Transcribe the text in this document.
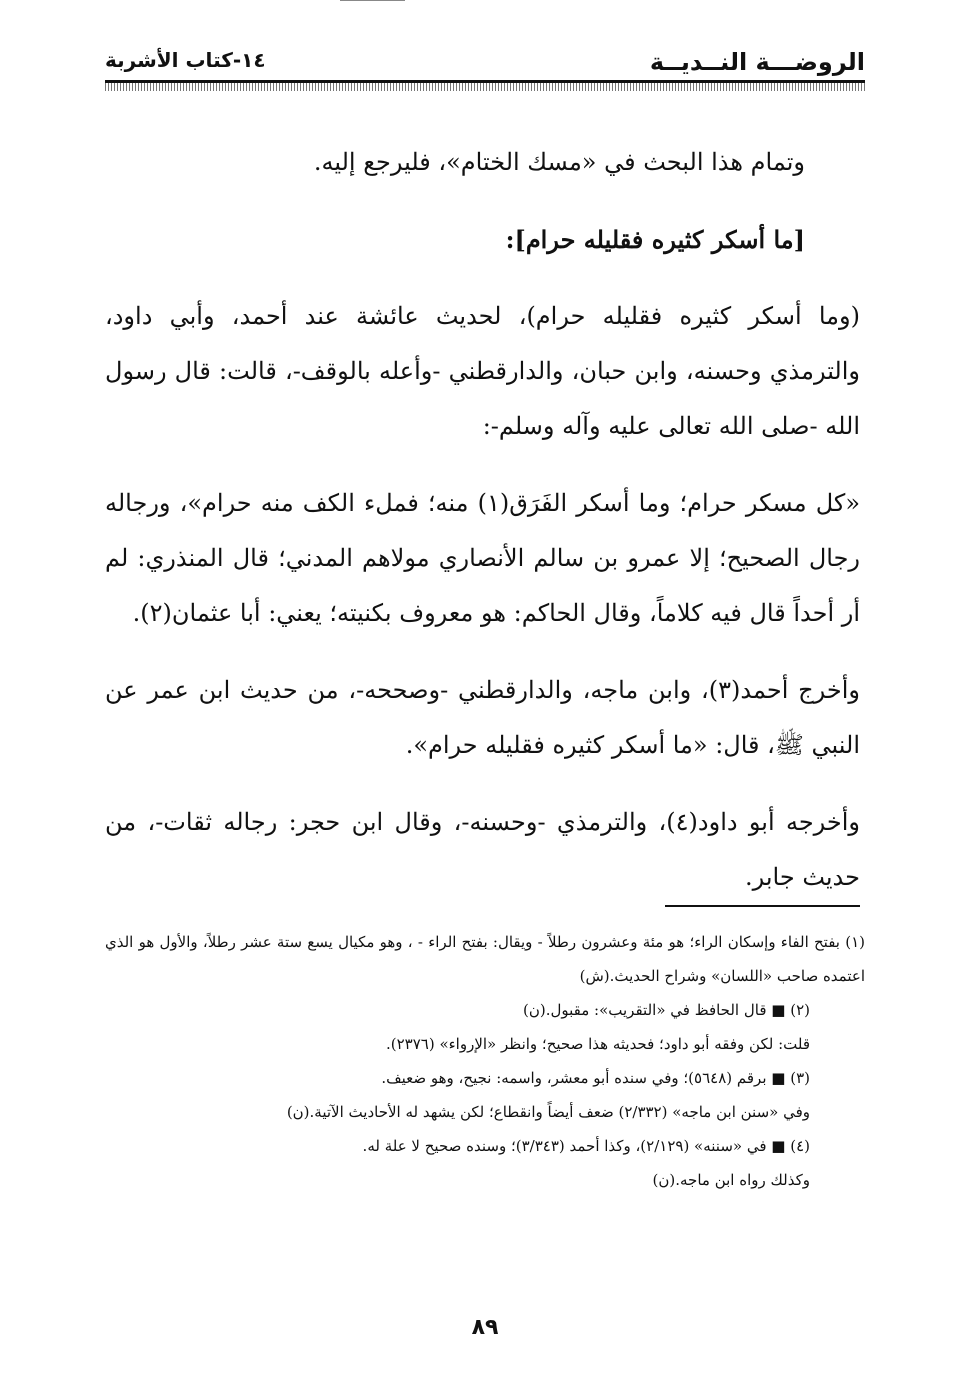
الروضـــة النــديــة
١٤-كتاب الأشربة

وتمام هذا البحث في «مسك الختام»، فليرجع إليه.

[ما أسكر كثيره فقليله حرام]:

(وما أسكر كثيره فقليله حرام)، لحديث عائشة عند أحمد، وأبي داود، والترمذي وحسنه، وابن حبان، والدارقطني -وأعله بالوقف-، قالت: قال رسول الله -صلى الله تعالى عليه وآله وسلم-:

«كل مسكر حرام؛ وما أسكر الفَرَق(١) منه؛ فملء الكف منه حرام»، ورجاله رجال الصحيح؛ إلا عمرو بن سالم الأنصاري مولاهم المدني؛ قال المنذري: لم أر أحداً قال فيه كلاماً، وقال الحاكم: هو معروف بكنيته؛ يعني: أبا عثمان(٢).

وأخرج أحمد(٣)، وابن ماجه، والدارقطني -وصححه-، من حديث ابن عمر عن النبي ﷺ، قال: «ما أسكر كثيره فقليله حرام».

وأخرجه أبو داود(٤)، والترمذي -وحسنه-، وقال ابن حجر: رجاله ثقات-، من حديث جابر.

(١) بفتح الفاء وإسكان الراء؛ هو مئة وعشرون رطلاً - ويقال: بفتح الراء - ، وهو مكيال يسع ستة عشر رطلاً، والأول هو الذي اعتمده صاحب «اللسان» وشراح الحديث.(ش)

(٢) ■ قال الحافظ في «التقريب»: مقبول.(ن)

قلت: لكن وفقه أبو داود؛ فحديثه هذا صحيح؛ وانظر «الإرواء» (٢٣٧٦).

(٣) ■ برقم (٥٦٤٨)؛ وفي سنده أبو معشر، واسمه: نجيح، وهو ضعيف.

وفي «سنن ابن ماجه» (٢/٣٣٢) ضعف أيضاً وانقطاع؛ لكن يشهد له الأحاديث الآتية.(ن)

(٤) ■ في «سننه» (٢/١٢٩)، وكذا أحمد (٣/٣٤٣)؛ وسنده صحيح لا علة له.

وكذلك رواه ابن ماجه.(ن)

٨٩
